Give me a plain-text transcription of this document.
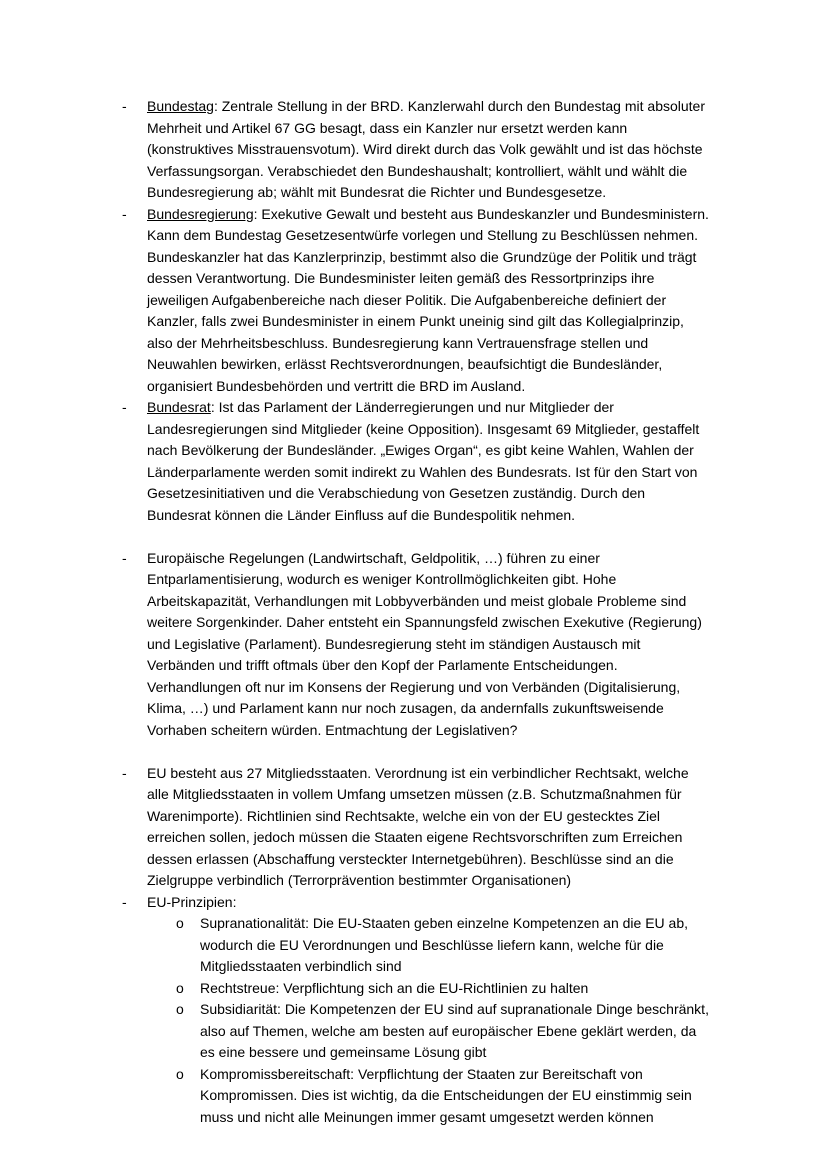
-	Bundestag: Zentrale Stellung in der BRD. Kanzlerwahl durch den Bundestag mit absoluter Mehrheit und Artikel 67 GG besagt, dass ein Kanzler nur ersetzt werden kann (konstruktives Misstrauensvotum). Wird direkt durch das Volk gewählt und ist das höchste Verfassungsorgan. Verabschiedet den Bundeshaushalt; kontrolliert, wählt und wählt die Bundesregierung ab; wählt mit Bundesrat die Richter und Bundesgesetze.
-	Bundesregierung: Exekutive Gewalt und besteht aus Bundeskanzler und Bundesministern. Kann dem Bundestag Gesetzesentwürfe vorlegen und Stellung zu Beschlüssen nehmen. Bundeskanzler hat das Kanzlerprinzip, bestimmt also die Grundzüge der Politik und trägt dessen Verantwortung. Die Bundesminister leiten gemäß des Ressortprinzips ihre jeweiligen Aufgabenbereiche nach dieser Politik. Die Aufgabenbereiche definiert der Kanzler, falls zwei Bundesminister in einem Punkt uneinig sind gilt das Kollegialprinzip, also der Mehrheitsbeschluss. Bundesregierung kann Vertrauensfrage stellen und Neuwahlen bewirken, erlässt Rechtsverordnungen, beaufsichtigt die Bundesländer, organisiert Bundesbehörden und vertritt die BRD im Ausland.
-	Bundesrat: Ist das Parlament der Länderregierungen und nur Mitglieder der Landesregierungen sind Mitglieder (keine Opposition). Insgesamt 69 Mitglieder, gestaffelt nach Bevölkerung der Bundesländer. „Ewiges Organ“, es gibt keine Wahlen, Wahlen der Länderparlamente werden somit indirekt zu Wahlen des Bundesrats. Ist für den Start von Gesetzesinitiativen und die Verabschiedung von Gesetzen zuständig. Durch den Bundesrat können die Länder Einfluss auf die Bundespolitik nehmen.
-	Europäische Regelungen (Landwirtschaft, Geldpolitik, …) führen zu einer Entparlamentisierung, wodurch es weniger Kontrollmöglichkeiten gibt. Hohe Arbeitskapazität, Verhandlungen mit Lobbyverbänden und meist globale Probleme sind weitere Sorgenkinder. Daher entsteht ein Spannungsfeld zwischen Exekutive (Regierung) und Legislative (Parlament). Bundesregierung steht im ständigen Austausch mit Verbänden und trifft oftmals über den Kopf der Parlamente Entscheidungen. Verhandlungen oft nur im Konsens der Regierung und von Verbänden (Digitalisierung, Klima, …) und Parlament kann nur noch zusagen, da andernfalls zukunftsweisende Vorhaben scheitern würden. Entmachtung der Legislativen?
-	EU besteht aus 27 Mitgliedsstaaten. Verordnung ist ein verbindlicher Rechtsakt, welche alle Mitgliedsstaaten in vollem Umfang umsetzen müssen (z.B. Schutzmaßnahmen für Warenimporte). Richtlinien sind Rechtsakte, welche ein von der EU gestecktes Ziel erreichen sollen, jedoch müssen die Staaten eigene Rechtsvorschriften zum Erreichen dessen erlassen (Abschaffung versteckter Internetgebühren). Beschlüsse sind an die Zielgruppe verbindlich (Terrorprävention bestimmter Organisationen)
-	EU-Prinzipien:
o	Supranationalität: Die EU-Staaten geben einzelne Kompetenzen an die EU ab, wodurch die EU Verordnungen und Beschlüsse liefern kann, welche für die Mitgliedsstaaten verbindlich sind
o	Rechtstreue: Verpflichtung sich an die EU-Richtlinien zu halten
o	Subsidiarität: Die Kompetenzen der EU sind auf supranationale Dinge beschränkt, also auf Themen, welche am besten auf europäischer Ebene geklärt werden, da es eine bessere und gemeinsame Lösung gibt
o	Kompromissbereitschaft: Verpflichtung der Staaten zur Bereitschaft von Kompromissen. Dies ist wichtig, da die Entscheidungen der EU einstimmig sein muss und nicht alle Meinungen immer gesamt umgesetzt werden können
